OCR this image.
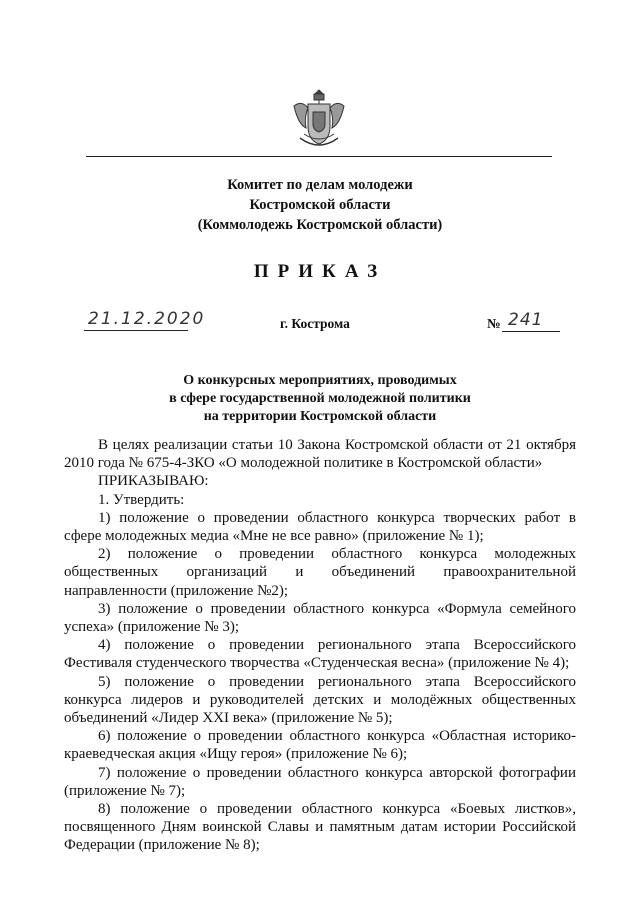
Комитет по делам молодежи
Костромской области
(Коммолодежь Костромской области)
ПРИКАЗ
21.12.2020	г. Кострома	№ 241
О конкурсных мероприятиях, проводимых
в сфере государственной молодежной политики
на территории Костромской области

В целях реализации статьи 10 Закона Костромской области от 21 октября 2010 года № 675-4-ЗКО «О молодежной политике в Костромской области»

ПРИКАЗЫВАЮ:

1. Утвердить:

1) положение о проведении областного конкурса творческих работ в сфере молодежных медиа «Мне не все равно» (приложение № 1);

2) положение о проведении областного конкурса молодежных общественных организаций и объединений правоохранительной направленности (приложение №2);

3) положение о проведении областного конкурса «Формула семейного успеха» (приложение № 3);

4) положение о проведении регионального этапа Всероссийского Фестиваля студенческого творчества «Студенческая весна» (приложение № 4);

5) положение о проведении регионального этапа Всероссийского конкурса лидеров и руководителей детских и молодёжных общественных объединений «Лидер XXI века» (приложение № 5);

6) положение о проведении областного конкурса «Областная историко-краеведческая акция «Ищу героя» (приложение № 6);

7) положение о проведении областного конкурса авторской фотографии (приложение № 7);

8) положение о проведении областного конкурса «Боевых листков», посвященного Дням воинской Славы и памятным датам истории Российской Федерации (приложение № 8);
